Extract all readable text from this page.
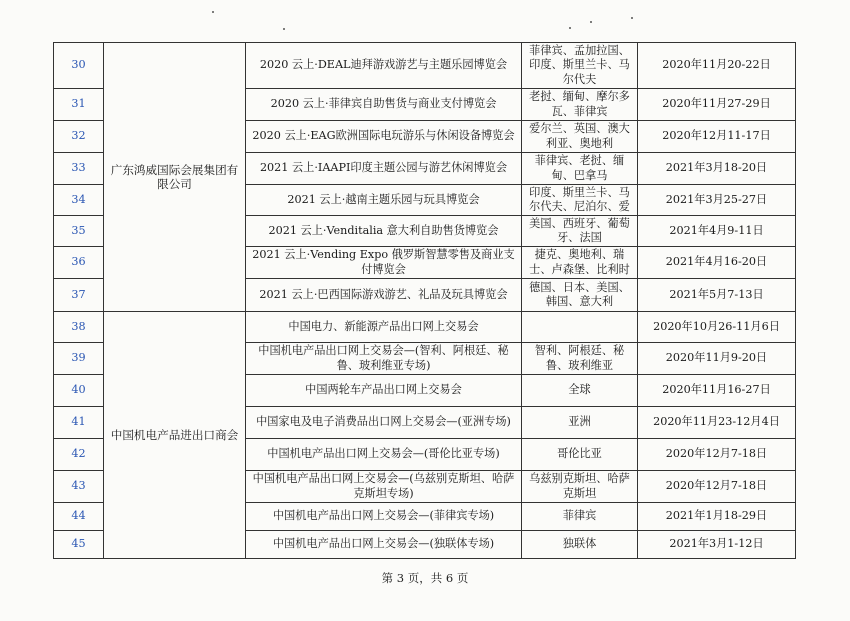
30	广东鸿威国际会展集团有限公司	2020 云上·DEAL迪拜游戏游艺与主题乐园博览会	菲律宾、孟加拉国、印度、斯里兰卡、马尔代夫	2020年11月20-22日
31		2020 云上·菲律宾自助售货与商业支付博览会	老挝、缅甸、摩尔多瓦、菲律宾	2020年11月27-29日
32		2020 云上·EAG欧洲国际电玩游乐与休闲设备博览会	爱尔兰、英国、澳大利亚、奥地利	2020年12月11-17日
33		2021 云上·IAAPI印度主题公园与游艺休闲博览会	菲律宾、老挝、缅甸、巴拿马	2021年3月18-20日
34		2021 云上·越南主题乐园与玩具博览会	印度、斯里兰卡、马尔代夫、尼泊尔、爱	2021年3月25-27日
35		2021 云上·Venditalia 意大利自助售货博览会	美国、西班牙、葡萄牙、法国	2021年4月9-11日
36		2021 云上·Vending Expo 俄罗斯智慧零售及商业支付博览会	捷克、奥地利、瑞士、卢森堡、比利时	2021年4月16-20日
37		2021 云上·巴西国际游戏游艺、礼品及玩具博览会	德国、日本、美国、韩国、意大利	2021年5月7-13日
38	中国机电产品进出口商会	中国电力、新能源产品出口网上交易会		2020年10月26-11月6日
39		中国机电产品出口网上交易会—(智利、阿根廷、秘鲁、玻利维亚专场)	智利、阿根廷、秘鲁、玻利维亚	2020年11月9-20日
40		中国两轮车产品出口网上交易会	全球	2020年11月16-27日
41		中国家电及电子消费品出口网上交易会—(亚洲专场)	亚洲	2020年11月23-12月4日
42		中国机电产品出口网上交易会—(哥伦比亚专场)	哥伦比亚	2020年12月7-18日
43		中国机电产品出口网上交易会—(乌兹别克斯坦、哈萨克斯坦专场)	乌兹别克斯坦、哈萨克斯坦	2020年12月7-18日
44		中国机电产品出口网上交易会—(菲律宾专场)	菲律宾	2021年1月18-29日
45		中国机电产品出口网上交易会—(独联体专场)	独联体	2021年3月1-12日
第 3 页，共 6 页
